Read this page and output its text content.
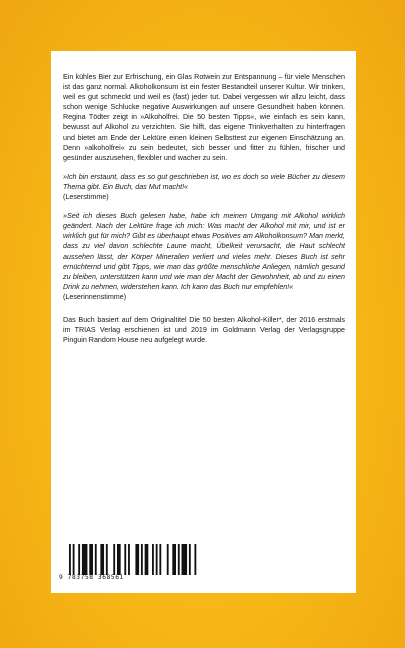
Ein kühles Bier zur Erfrischung, ein Glas Rotwein zur Entspannung – für viele Menschen ist das ganz normal. Alkoholkonsum ist ein fester Bestandteil unserer Kultur. Wir trinken, weil es gut schmeckt und weil es (fast) jeder tut. Dabei vergessen wir allzu leicht, dass schon wenige Schlucke negative Auswirkungen auf unsere Gesundheit haben können. Regina Tödter zeigt in »Alkoholfrei. Die 50 besten Tipps«, wie einfach es sein kann, bewusst auf Alkohol zu verzichten. Sie hilft, das eigene Trinkverhalten zu hinterfragen und bietet am Ende der Lektüre einen kleinen Selbsttest zur eigenen Einschätzung an. Denn »alkoholfrei« zu sein bedeutet, sich besser und fitter zu fühlen, frischer und gesünder auszusehen, flexibler und wacher zu sein.

»Ich bin erstaunt, dass es so gut geschrieben ist, wo es doch so viele Bücher zu diesem Thema gibt. Ein Buch, das Mut macht!«
(Leserstimme)

»Seit ich dieses Buch gelesen habe, habe ich meinen Umgang mit Alkohol wirklich geändert. Nach der Lektüre frage ich mich: Was macht der Alkohol mit mir, und ist er wirklich gut für mich? Gibt es überhaupt etwas Positives am Alkoholkonsum? Man merkt, dass zu viel davon schlechte Laune macht, Übelkeit verursacht, die Haut schlecht aussehen lässt, der Körper Mineralien verliert und vieles mehr. Dieses Buch ist sehr ernüchternd und gibt Tipps, wie man das größte menschliche Anliegen, nämlich gesund zu bleiben, unterstützen kann und wie man der Macht der Gewohnheit, ab und zu einen Drink zu nehmen, widerstehen kann. Ich kann das Buch nur empfehlen!«
(Leserinnenstimme)

Das Buch basiert auf dem Originaltitel Die 50 besten Alkohol-Killer*, der 2016 erstmals im TRIAS Verlag erschienen ist und 2019 im Goldmann Verlag der Verlagsgruppe Pinguin Random House neu aufgelegt wurde.

9 783758 368561
